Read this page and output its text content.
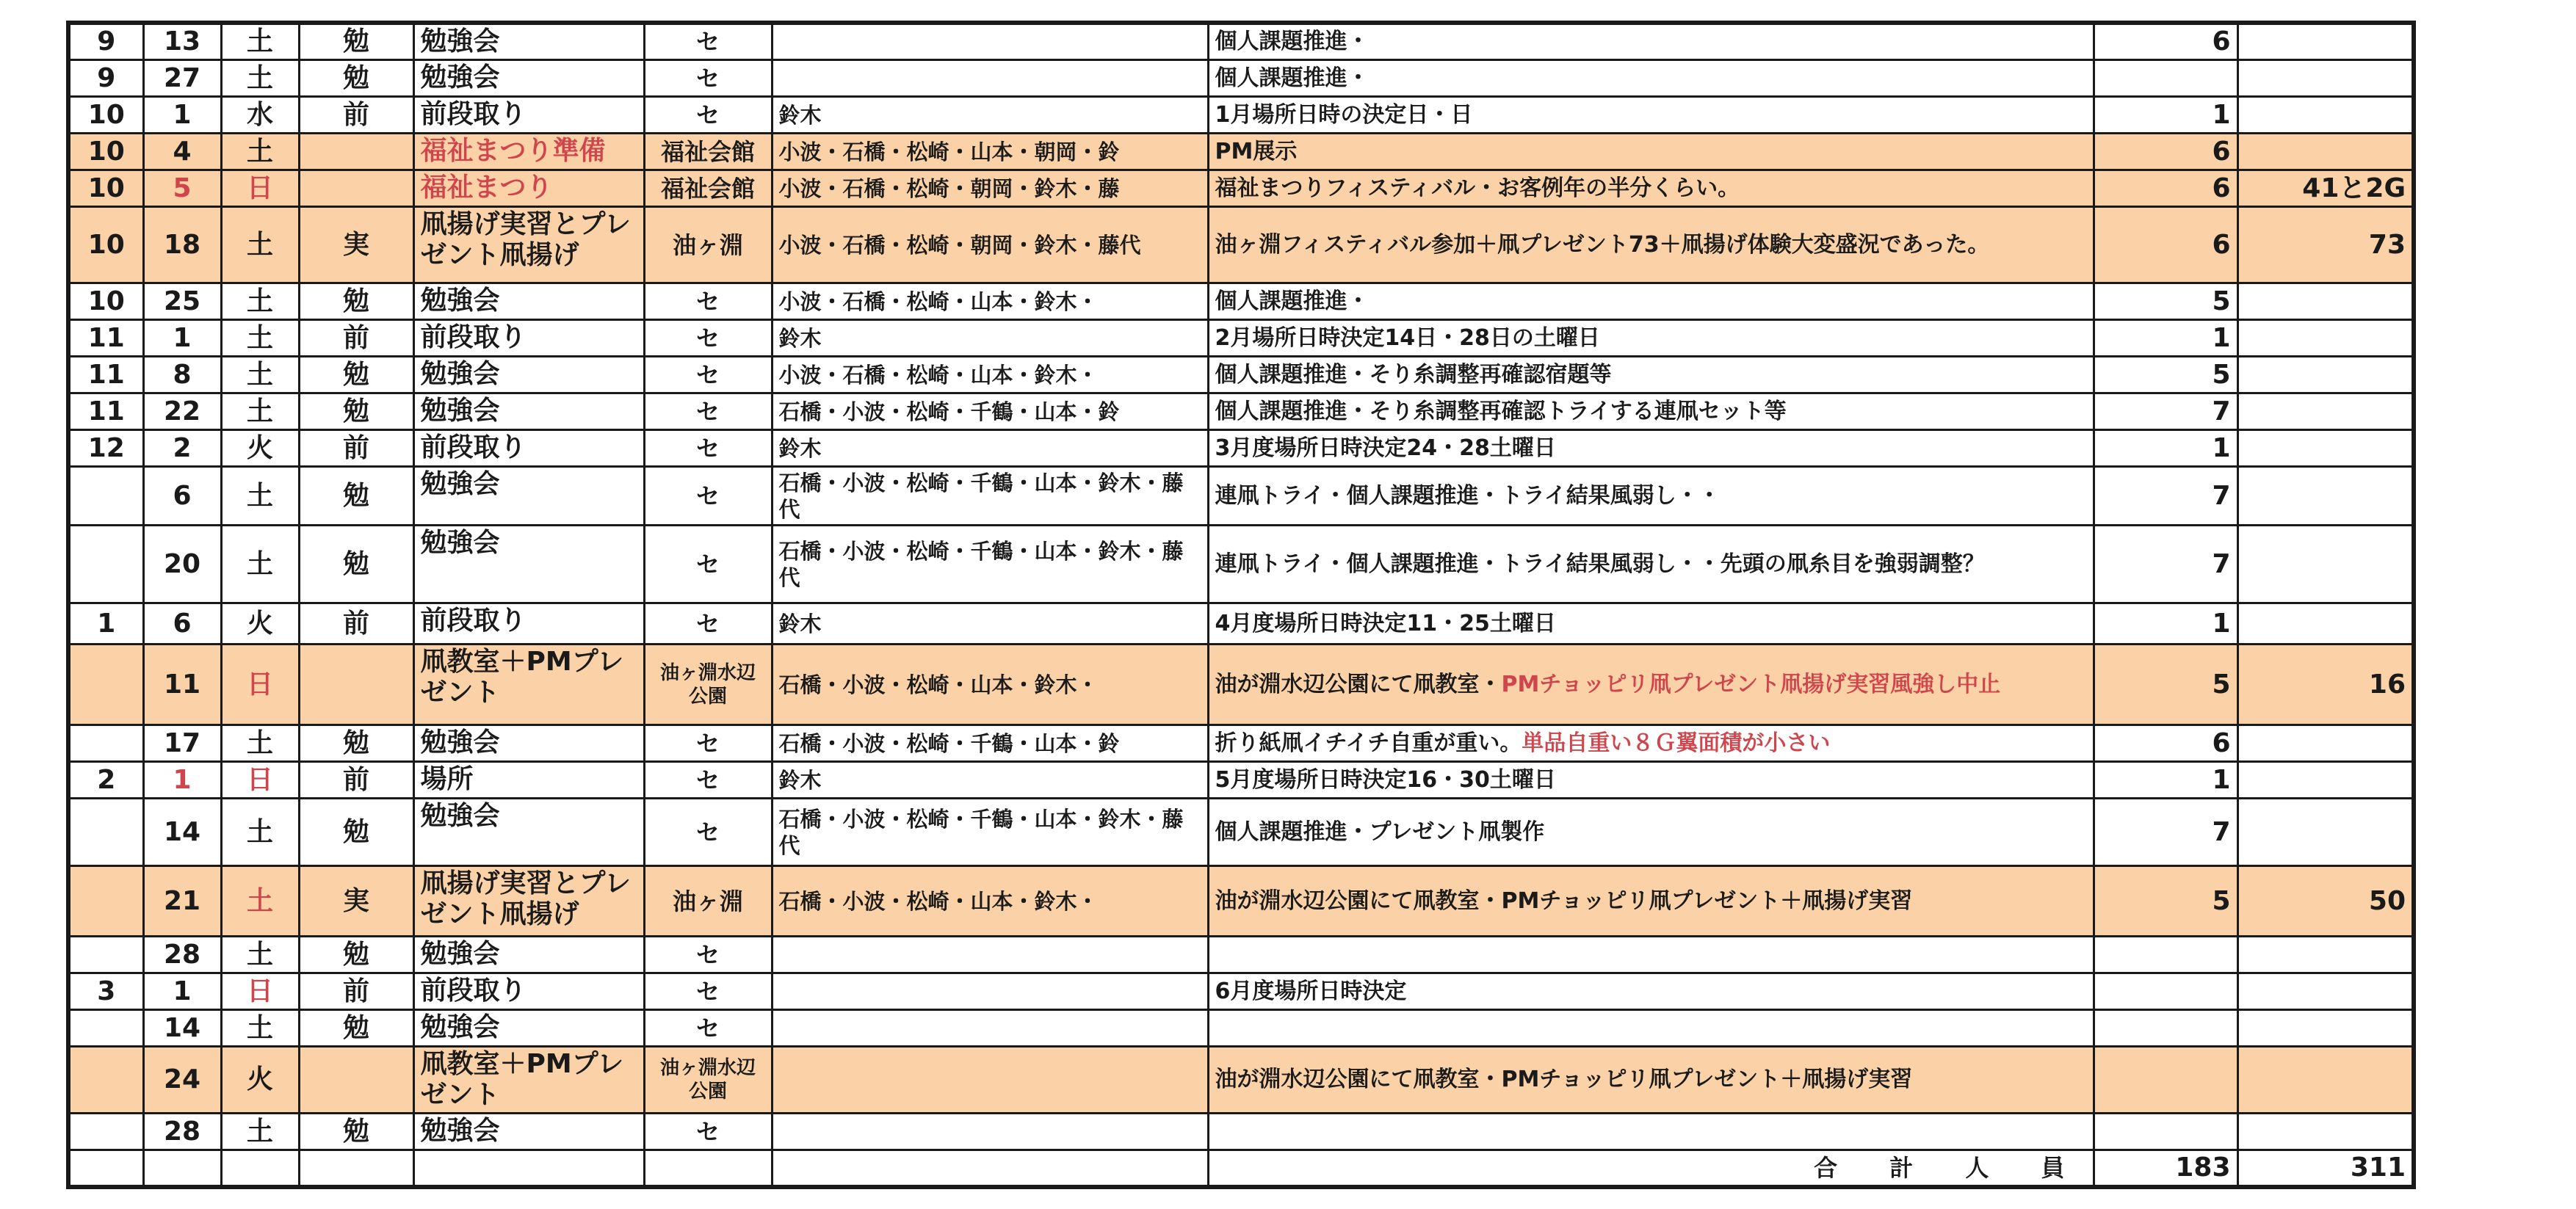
9	13	土	勉	勉強会	セ		個人課題推進・	6	
9	27	土	勉	勉強会	セ		個人課題推進・		
10	1	水	前	前段取り	セ	鈴木	1月場所日時の決定日・日	1	
10	4	土		福祉まつり準備	福祉会館	小波・石橋・松崎・山本・朝岡・鈴	PM展示	6	
10	5	日		福祉まつり	福祉会館	小波・石橋・松崎・朝岡・鈴木・藤	福祉まつりフィスティバル・お客例年の半分くらい。	6	41と2G
10	18	土	実	凧揚げ実習とプレゼント凧揚げ	油ヶ淵	小波・石橋・松崎・朝岡・鈴木・藤代	油ヶ淵フィスティバル参加＋凧プレゼント73＋凧揚げ体験大変盛況であった。	6	73
10	25	土	勉	勉強会	セ	小波・石橋・松崎・山本・鈴木・	個人課題推進・	5	
11	1	土	前	前段取り	セ	鈴木	2月場所日時決定14日・28日の土曜日	1	
11	8	土	勉	勉強会	セ	小波・石橋・松崎・山本・鈴木・	個人課題推進・そり糸調整再確認宿題等	5	
11	22	土	勉	勉強会	セ	石橋・小波・松崎・千鶴・山本・鈴	個人課題推進・そり糸調整再確認トライする連凧セット等	7	
12	2	火	前	前段取り	セ	鈴木	3月度場所日時決定24・28土曜日	1	
	6	土	勉	勉強会	セ	石橋・小波・松崎・千鶴・山本・鈴木・藤代	連凧トライ・個人課題推進・トライ結果風弱し・・	7	
	20	土	勉	勉強会	セ	石橋・小波・松崎・千鶴・山本・鈴木・藤代	連凧トライ・個人課題推進・トライ結果風弱し・・先頭の凧糸目を強弱調整？	7	
1	6	火	前	前段取り	セ	鈴木	4月度場所日時決定11・25土曜日	1	
	11	日		凧教室＋PMプレゼント	油ヶ淵水辺公園	石橋・小波・松崎・山本・鈴木・	油が淵水辺公園にて凧教室・PMチョッピリ凧プレゼント凧揚げ実習風強し中止	5	16
	17	土	勉	勉強会	セ	石橋・小波・松崎・千鶴・山本・鈴	折り紙凧イチイチ自重が重い。単品自重い８Ｇ翼面積が小さい	6	
2	1	日	前	場所	セ	鈴木	5月度場所日時決定16・30土曜日	1	
	14	土	勉	勉強会	セ	石橋・小波・松崎・千鶴・山本・鈴木・藤代	個人課題推進・プレゼント凧製作	7	
	21	土	実	凧揚げ実習とプレゼント凧揚げ	油ヶ淵	石橋・小波・松崎・山本・鈴木・	油が淵水辺公園にて凧教室・PMチョッピリ凧プレゼント＋凧揚げ実習	5	50
	28	土	勉	勉強会	セ				
3	1	日	前	前段取り	セ		6月度場所日時決定		
	14	土	勉	勉強会	セ				
	24	火		凧教室＋PMプレゼント	油ヶ淵水辺公園		油が淵水辺公園にて凧教室・PMチョッピリ凧プレゼント＋凧揚げ実習		
	28	土	勉	勉強会	セ				
							合 計 人 員	183	311
